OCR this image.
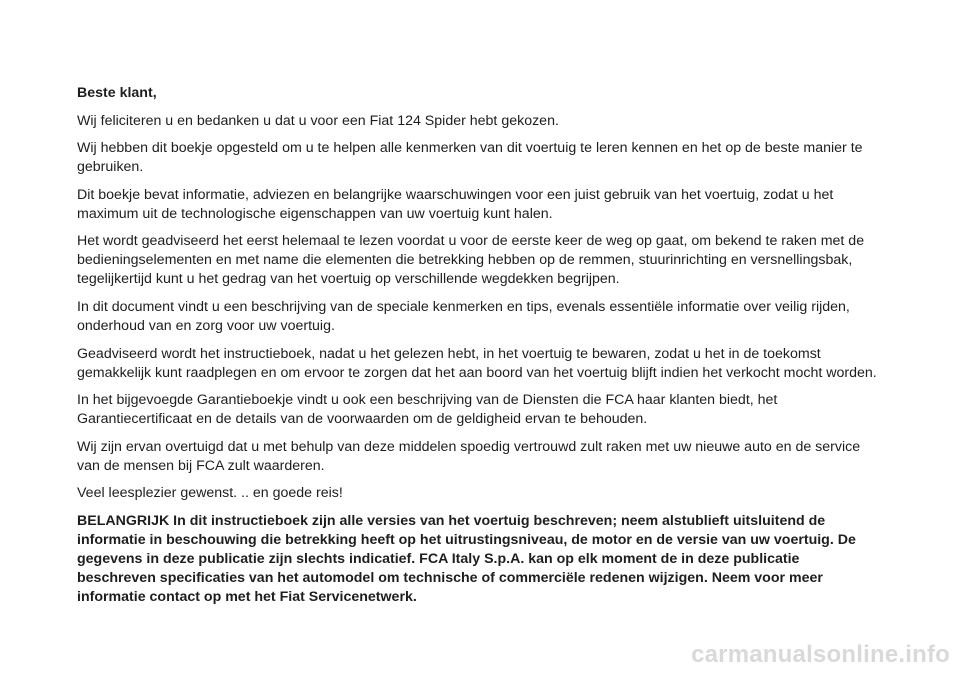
Beste klant,

Wij feliciteren u en bedanken u dat u voor een Fiat 124 Spider hebt gekozen.

Wij hebben dit boekje opgesteld om u te helpen alle kenmerken van dit voertuig te leren kennen en het op de beste manier te gebruiken.

Dit boekje bevat informatie, adviezen en belangrijke waarschuwingen voor een juist gebruik van het voertuig, zodat u het maximum uit de technologische eigenschappen van uw voertuig kunt halen.

Het wordt geadviseerd het eerst helemaal te lezen voordat u voor de eerste keer de weg op gaat, om bekend te raken met de bedieningselementen en met name die elementen die betrekking hebben op de remmen, stuurinrichting en versnellingsbak, tegelijkertijd kunt u het gedrag van het voertuig op verschillende wegdekken begrijpen.

In dit document vindt u een beschrijving van de speciale kenmerken en tips, evenals essentiële informatie over veilig rijden, onderhoud van en zorg voor uw voertuig.

Geadviseerd wordt het instructieboek, nadat u het gelezen hebt, in het voertuig te bewaren, zodat u het in de toekomst gemakkelijk kunt raadplegen en om ervoor te zorgen dat het aan boord van het voertuig blijft indien het verkocht mocht worden.

In het bijgevoegde Garantieboekje vindt u ook een beschrijving van de Diensten die FCA haar klanten biedt, het Garantiecertificaat en de details van de voorwaarden om de geldigheid ervan te behouden.

Wij zijn ervan overtuigd dat u met behulp van deze middelen spoedig vertrouwd zult raken met uw nieuwe auto en de service van de mensen bij FCA zult waarderen.

Veel leesplezier gewenst. .. en goede reis!

BELANGRIJK In dit instructieboek zijn alle versies van het voertuig beschreven; neem alstublieft uitsluitend de informatie in beschouwing die betrekking heeft op het uitrustingsniveau, de motor en de versie van uw voertuig. De gegevens in deze publicatie zijn slechts indicatief. FCA Italy S.p.A. kan op elk moment de in deze publicatie beschreven specificaties van het automodel om technische of commerciële redenen wijzigen. Neem voor meer informatie contact op met het Fiat Servicenetwerk.

carmanualsonline.info
